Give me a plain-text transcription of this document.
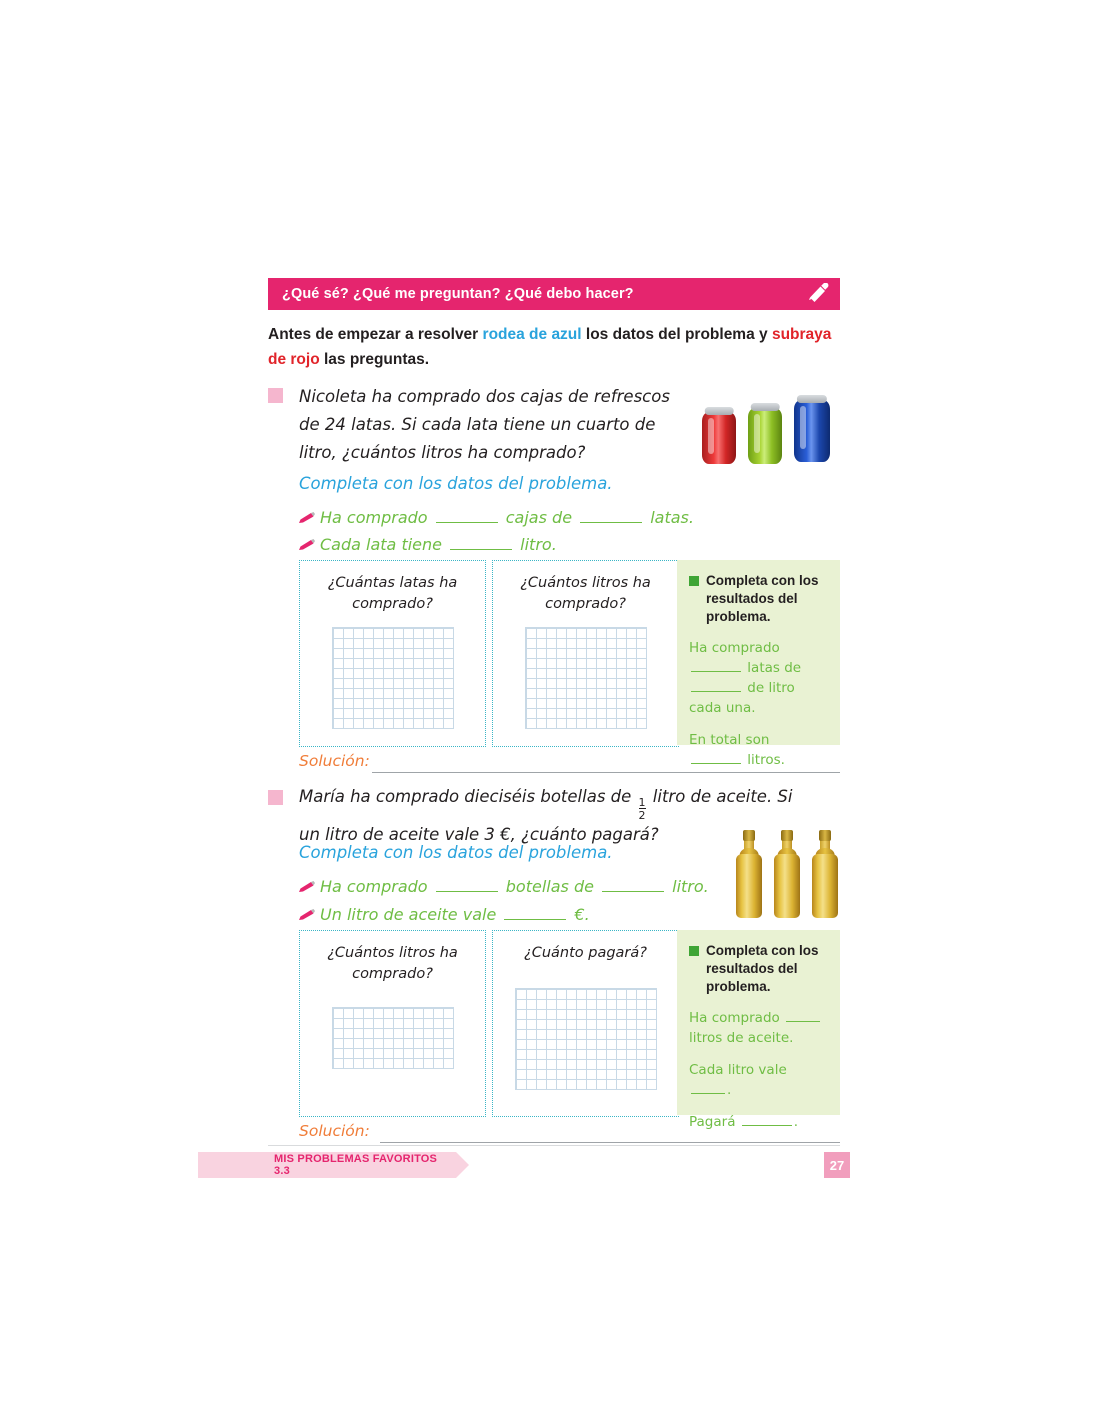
¿Qué sé? ¿Qué me preguntan? ¿Qué debo hacer?
Antes de empezar a resolver rodea de azul los datos del problema y subraya de rojo las preguntas.
Nicoleta ha comprado dos cajas de refrescos
de 24 latas. Si cada lata tiene un cuarto de
litro, ¿cuántos litros ha comprado?
Completa con los datos del problema.
Ha comprado	cajas de	latas.
Cada lata tiene	litro.
¿Cuántas latas ha
comprado?
¿Cuántos litros ha
comprado?
Completa con los resultados del problema.
Ha comprado  latas de  de litro cada una.
En total son  litros.
Solución:
María ha comprado dieciséis botellas de
$\frac{1}{2}$
litro de aceite. Si
un litro de aceite vale 3 €, ¿cuánto pagará?
Completa con los datos del problema.
Ha comprado	botellas de	litro.
Un litro de aceite vale	€.
¿Cuántos litros ha
comprado?
¿Cuánto pagará?	Completa con los resultados del problema.
Ha comprado  litros de aceite.
Cada litro vale .
Pagará	.
Solución:
MIS PROBLEMAS FAVORITOS 3.3	27
